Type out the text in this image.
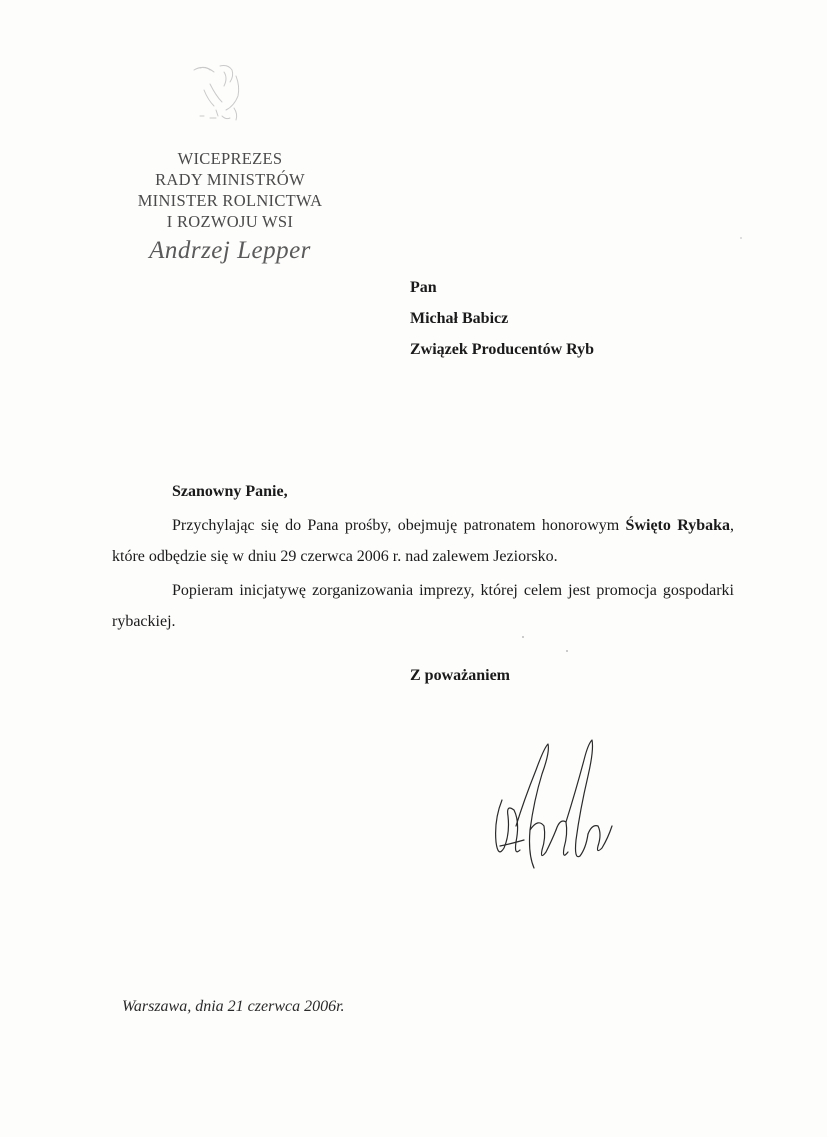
WICEPREZES
RADY MINISTRÓW
MINISTER ROLNICTWA
I ROZWOJU WSI
Andrzej Lepper
Pan
Michał Babicz
Związek Producentów Ryb
Szanowny Panie,

Przychylając się do Pana prośby, obejmuję patronatem honorowym Święto Rybaka, które odbędzie się w dniu 29 czerwca 2006 r. nad zalewem Jeziorsko.

Popieram inicjatywę zorganizowania imprezy, której celem jest promocja gospodarki rybackiej.

Z poważaniem
Warszawa, dnia 21 czerwca 2006r.
